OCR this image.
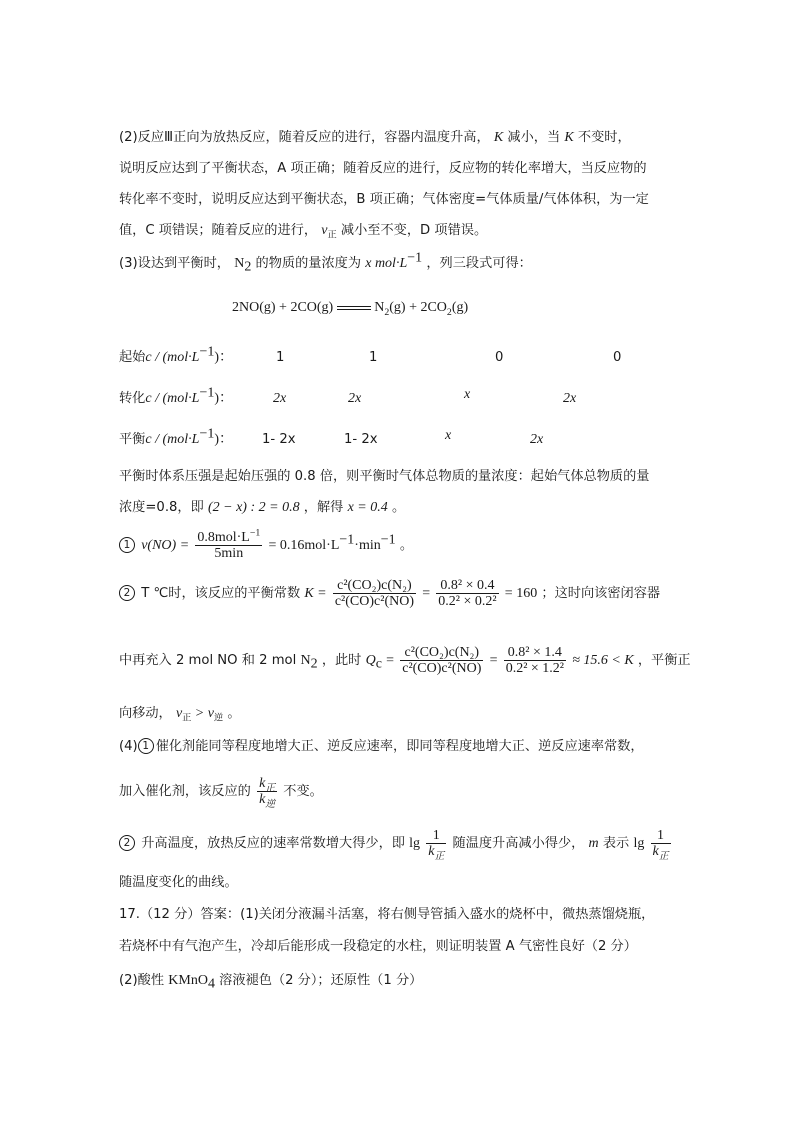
(2)反应Ⅲ正向为放热反应，随着反应的进行，容器内温度升高， K 减小，当 K 不变时，
说明反应达到了平衡状态，A 项正确；随着反应的进行，反应物的转化率增大，当反应物的
转化率不变时，说明反应达到平衡状态，B 项正确；气体密度=气体质量/气体体积，为一定
值，C 项错误；随着反应的进行， $v_正$ 减小至不变，D 项错误。
(3)设达到平衡时， $N_2$ 的物质的量浓度为 x $mol\cdot L^{-1}$ ，列三段式可得：
2NO(g) + 2CO(g)	$N_2(g) + 2CO_2(g)$
起始$c / (mol\cdot L^{-1})$：	1	1	0	0
转化$c / (mol\cdot L^{-1})$：	2x	2x	x	2x
平衡$c / (mol\cdot L^{-1})$： 1- 2x	1- 2x	x	2x
平衡时体系压强是起始压强的 0.8 倍，则平衡时气体总物质的量浓度：起始气体总物质的量
浓度=0.8，即 (2 − x) : 2 = 0.8 ，解得 x = 0.4 。
1 $v(NO) = \frac{0.8mol\cdot L^{-1}}{5\min} = 0.16mol\cdot L^{-1}\cdot\min^{-1}$ 。
2 T ℃时，该反应的平衡常数 $K = \frac{\text{c²(CO₂)c(N₂)}}{\text{c²(CO)c²(NO)}} = \frac{\text{0.8² × 0.4}}{\text{0.2² × 0.2²}} = 160$ ；这时向该密闭容器
中再充入 2 mol NO 和 2 mol $N_2$ ，此时 $Q_c = \frac{\text{c²(CO₂)c(N₂)}}{\text{c²(CO)c²(NO)}} = \frac{\text{0.8² × 1.4}}{\text{0.2² × 1.2²}} \approx 15.6 < K$ ，平衡正
向移动， $v_正 > v_逆$ 。
(4) 1 催化剂能同等程度地增大正、逆反应速率，即同等程度地增大正、逆反应速率常数，
加入催化剂，该反应的 $\frac{k_正}{k_逆}$ 不变。
2 升高温度，放热反应的速率常数增大得少，即 $\lg \frac{1}{k_正}$ 随温度升高减小得少， m 表示 $\lg \frac{1}{k_正}$
随温度变化的曲线。
17.（12 分）答案：(1)关闭分液漏斗活塞，将右侧导管插入盛水的烧杯中，微热蒸馏烧瓶，
若烧杯中有气泡产生，冷却后能形成一段稳定的水柱，则证明装置 A 气密性良好（2 分）
(2)酸性 KMnO$_4$ 溶液褪色（2 分）；还原性（1 分）
